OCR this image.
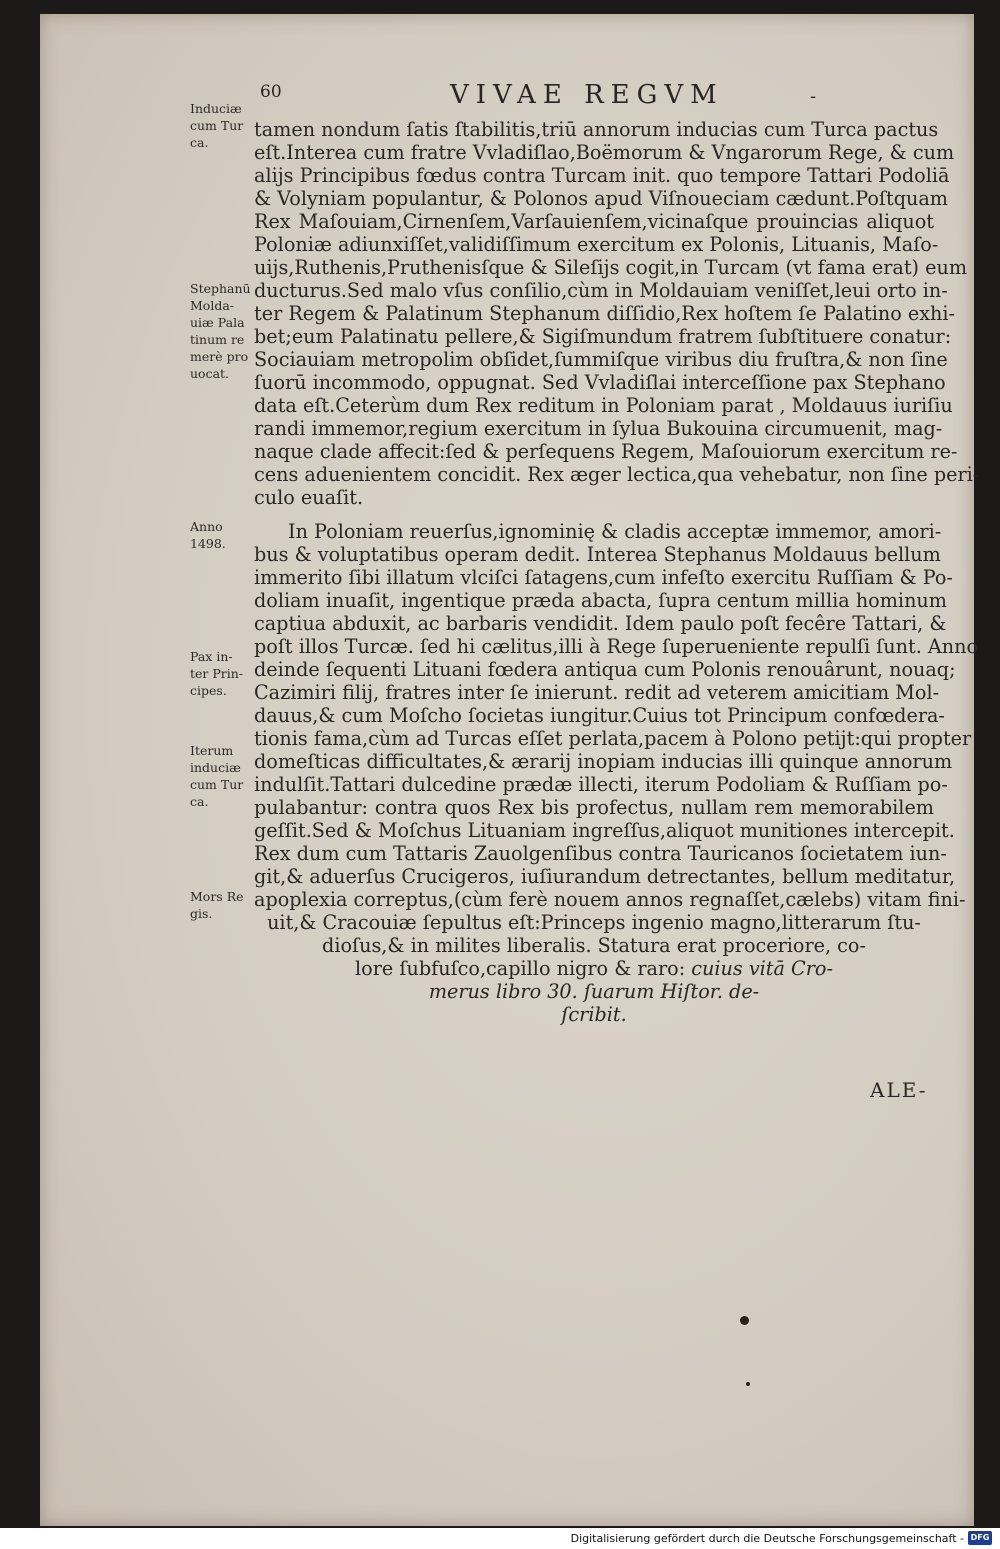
60	VIVAE REGVM	-
Induciæ
cum Tur
ca.
Stephanū
Molda-
uiæ Pala
tinum re
merè pro
uocat.
Anno
1498.
Pax in-
ter Prin-
cipes.
Iterum
induciæ
cum Tur
ca.
Mors Re
gis.
tamen nondum ſatis ſtabilitis,triū annorum inducias cum Turca pactus
eſt.Interea cum fratre Vvladiſlao,Boëmorum & Vngarorum Rege, & cum
alijs Principibus fœdus contra Turcam init. quo tempore Tattari Podoliā
& Volyniam populantur, & Polonos apud Viſnoueciam cædunt.Poſtquam
Rex Maſouiam,Cirnenſem,Varſauienſem,vicinaſque prouincias aliquot
Poloniæ adiunxiſſet,validiſſimum exercitum ex Polonis, Lituanis, Maſo-
uijs,Ruthenis,Pruthenisſque & Sileſijs cogit,in Turcam (vt fama erat) eum
ducturus.Sed malo vſus conſilio,cùm in Moldauiam veniſſet,leui orto in-
ter Regem & Palatinum Stephanum diſſidio,Rex hoſtem ſe Palatino exhi-
bet;eum Palatinatu pellere,& Sigiſmundum fratrem ſubſtituere conatur:
Sociauiam metropolim obſidet,ſummiſque viribus diu fruſtra,& non ſine
ſuorū incommodo, oppugnat. Sed Vvladiſlai interceſſione pax Stephano
data eſt.Ceterùm dum Rex reditum in Poloniam parat , Moldauus iuriſiu
randi immemor,regium exercitum in ſylua Bukouina circumuenit, mag-
naque clade affecit:ſed & perſequens Regem, Maſouiorum exercitum re-
cens aduenientem concidit. Rex æger lectica,qua vehebatur, non ſine peri-
culo euaſit.
In Poloniam reuerſus,ignominię & cladis acceptæ immemor, amori-
bus & voluptatibus operam dedit. Interea Stephanus Moldauus bellum
immerito ſibi illatum vlciſci ſatagens,cum infeſto exercitu Ruſſiam & Po-
doliam inuaſit, ingentique præda abacta, ſupra centum millia hominum
captiua abduxit, ac barbaris vendidit. Idem paulo poſt fecêre Tattari, &
poſt illos Turcæ. ſed hi cælitus,illi à Rege ſuperueniente repulſi ſunt. Anno
deinde ſequenti Lituani fœdera antiqua cum Polonis renouârunt, nouaq;
Cazimiri filij, fratres inter ſe inierunt. redit ad veterem amicitiam Mol-
dauus,& cum Moſcho ſocietas iungitur.Cuius tot Principum confœdera-
tionis fama,cùm ad Turcas eſſet perlata,pacem à Polono petijt:qui propter
domeſticas difficultates,& ærarij inopiam inducias illi quinque annorum
indulſit.Tattari dulcedine prædæ illecti, iterum Podoliam & Ruſſiam po-
pulabantur: contra quos Rex bis profectus, nullam rem memorabilem
geſſit.Sed & Moſchus Lituaniam ingreſſus,aliquot munitiones intercepit.
Rex dum cum Tattaris Zauolgenſibus contra Tauricanos ſocietatem iun-
git,& aduerſus Crucigeros, iuſiurandum detrectantes, bellum meditatur,
apoplexia correptus,(cùm ferè nouem annos regnaſſet,cælebs) vitam fini-
uit,& Cracouiæ ſepultus eſt:Princeps ingenio magno,litterarum ſtu-
dioſus,& in milites liberalis. Statura erat proceriore, co-
lore ſubfuſco,capillo nigro & raro: cuius vitā Cro-
merus libro 30. ſuarum Hiſtor. de-
ſcribit.
ALE-
Digitalisierung gefördert durch die Deutsche Forschungsgemeinschaft - DFG
